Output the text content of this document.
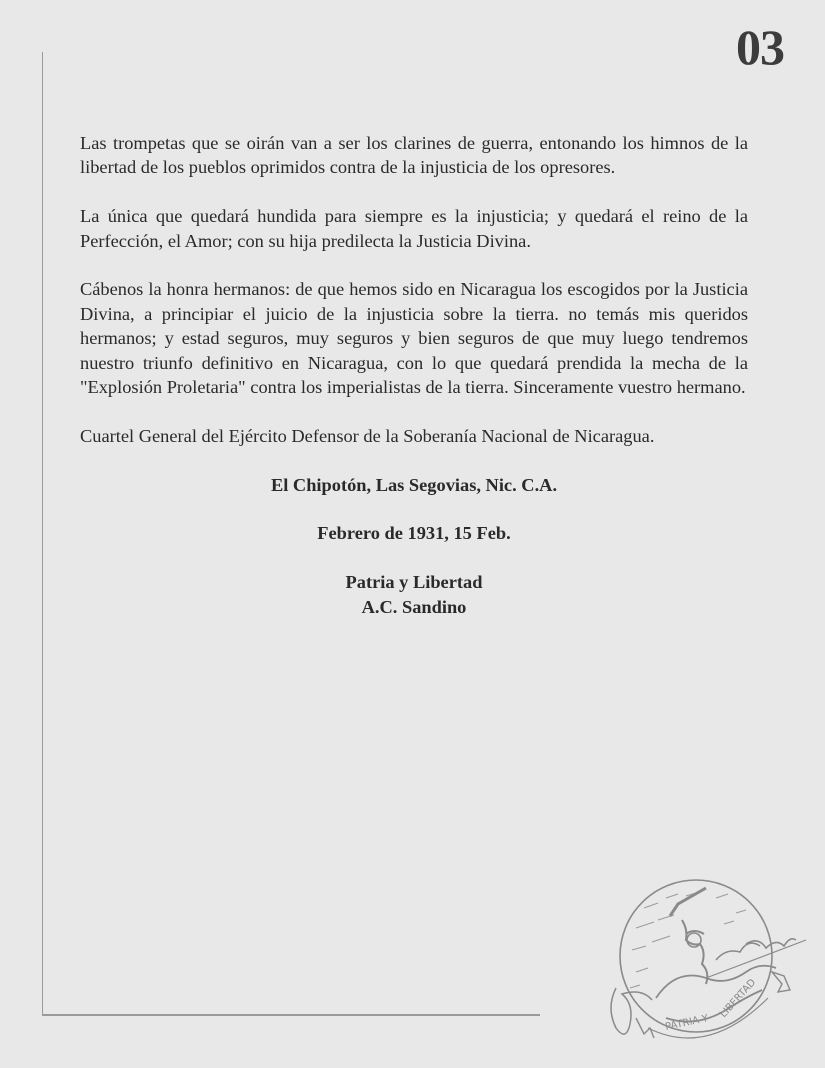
03

Las trompetas que se oirán van a ser los clarines de guerra, entonando los himnos de la libertad de los pueblos oprimidos contra de la injusticia de los opresores.

La única que quedará hundida para siempre es la injusticia; y quedará el reino de la Perfección, el Amor; con su hija predilecta la Justicia Divina.

Cábenos la honra hermanos: de que hemos sido en Nicaragua los escogidos por la Justicia Divina, a principiar el juicio de la injusticia sobre la tierra. no temás mis queridos hermanos; y estad seguros, muy seguros y bien seguros de que muy luego tendremos nuestro triunfo definitivo en Nicaragua, con lo que quedará prendida la mecha de la "Explosión Proletaria" contra los imperialistas de la tierra. Sinceramente vuestro hermano.

Cuartel General del Ejército Defensor de la Soberanía Nacional de Nicaragua.

El Chipotón, Las Segovias, Nic. C.A.

Febrero de 1931, 15 Feb.

Patria y Libertad

A.C. Sandino

PATRIA Y
LIBERTAD
